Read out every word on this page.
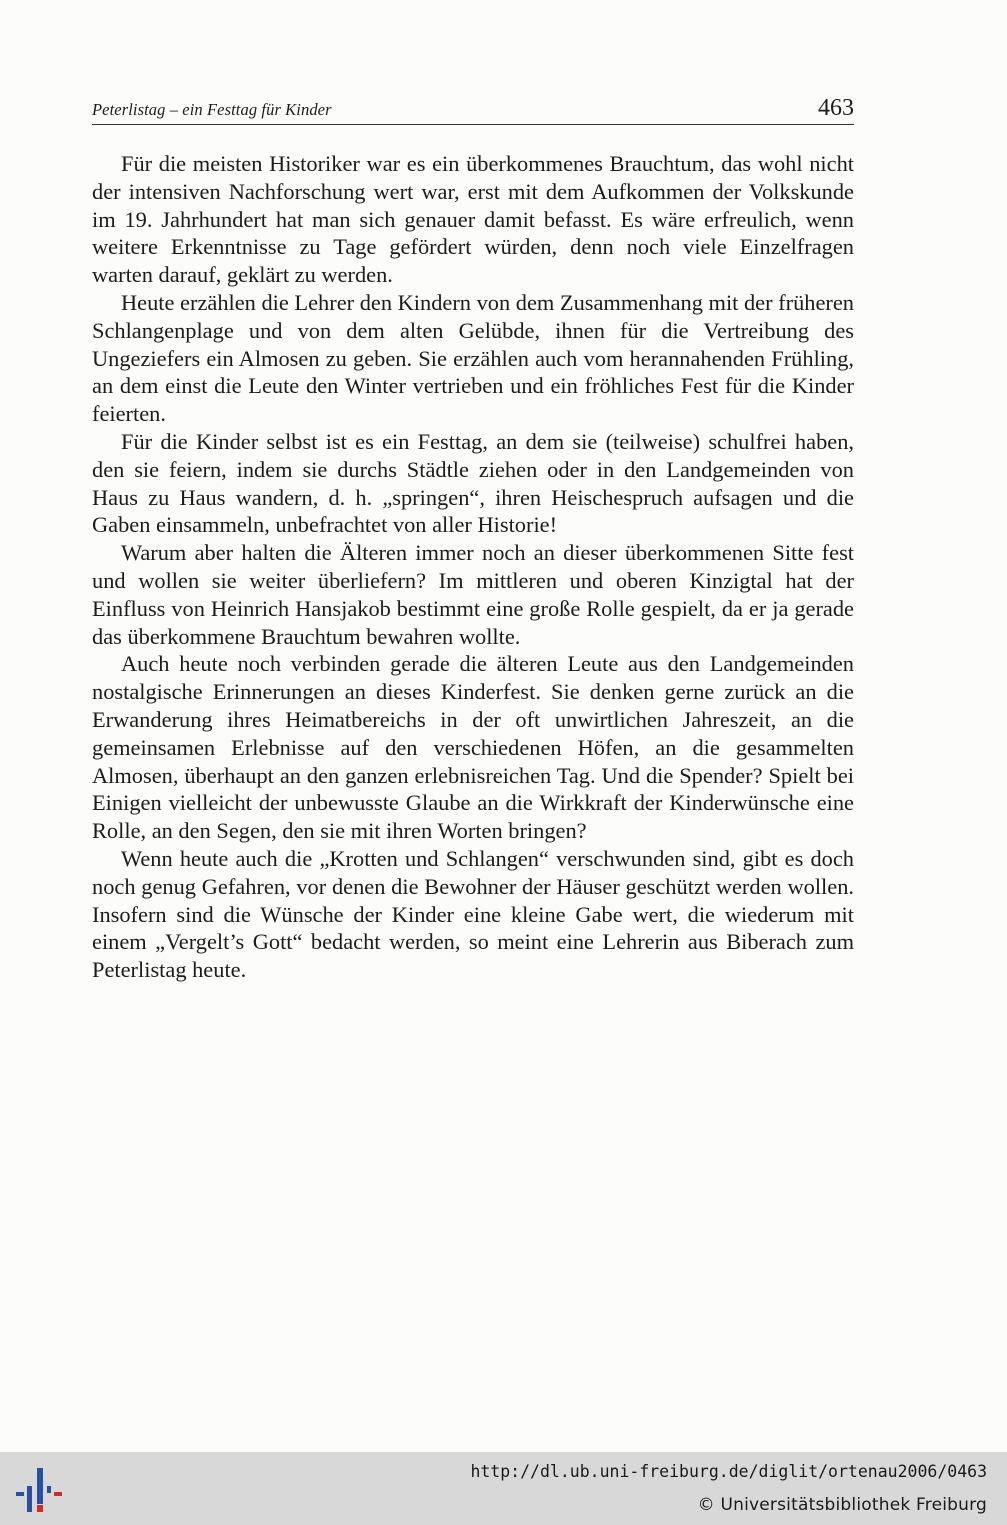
Peterlistag – ein Festtag für Kinder	463

Für die meisten Historiker war es ein überkommenes Brauchtum, das wohl nicht der intensiven Nachforschung wert war, erst mit dem Aufkommen der Volkskunde im 19. Jahrhundert hat man sich genauer damit befasst. Es wäre erfreulich, wenn weitere Erkenntnisse zu Tage gefördert würden, denn noch viele Einzelfragen warten darauf, geklärt zu werden.

Heute erzählen die Lehrer den Kindern von dem Zusammenhang mit der früheren Schlangenplage und von dem alten Gelübde, ihnen für die Vertreibung des Ungeziefers ein Almosen zu geben. Sie erzählen auch vom herannahenden Frühling, an dem einst die Leute den Winter vertrieben und ein fröhliches Fest für die Kinder feierten.

Für die Kinder selbst ist es ein Festtag, an dem sie (teilweise) schulfrei haben, den sie feiern, indem sie durchs Städtle ziehen oder in den Landgemeinden von Haus zu Haus wandern, d. h. „springen“, ihren Heischespruch aufsagen und die Gaben einsammeln, unbefrachtet von aller Historie!

Warum aber halten die Älteren immer noch an dieser überkommenen Sitte fest und wollen sie weiter überliefern? Im mittleren und oberen Kinzigtal hat der Einfluss von Heinrich Hansjakob bestimmt eine große Rolle gespielt, da er ja gerade das überkommene Brauchtum bewahren wollte.

Auch heute noch verbinden gerade die älteren Leute aus den Landgemeinden nostalgische Erinnerungen an dieses Kinderfest. Sie denken gerne zurück an die Erwanderung ihres Heimatbereichs in der oft unwirtlichen Jahreszeit, an die gemeinsamen Erlebnisse auf den verschiedenen Höfen, an die gesammelten Almosen, überhaupt an den ganzen erlebnisreichen Tag. Und die Spender? Spielt bei Einigen vielleicht der unbewusste Glaube an die Wirkkraft der Kinderwünsche eine Rolle, an den Segen, den sie mit ihren Worten bringen?

Wenn heute auch die „Krotten und Schlangen“ verschwunden sind, gibt es doch noch genug Gefahren, vor denen die Bewohner der Häuser geschützt werden wollen. Insofern sind die Wünsche der Kinder eine kleine Gabe wert, die wiederum mit einem „Vergelt’s Gott“ bedacht werden, so meint eine Lehrerin aus Biberach zum Peterlistag heute.

http://dl.ub.uni-freiburg.de/diglit/ortenau2006/0463
© Universitätsbibliothek Freiburg
